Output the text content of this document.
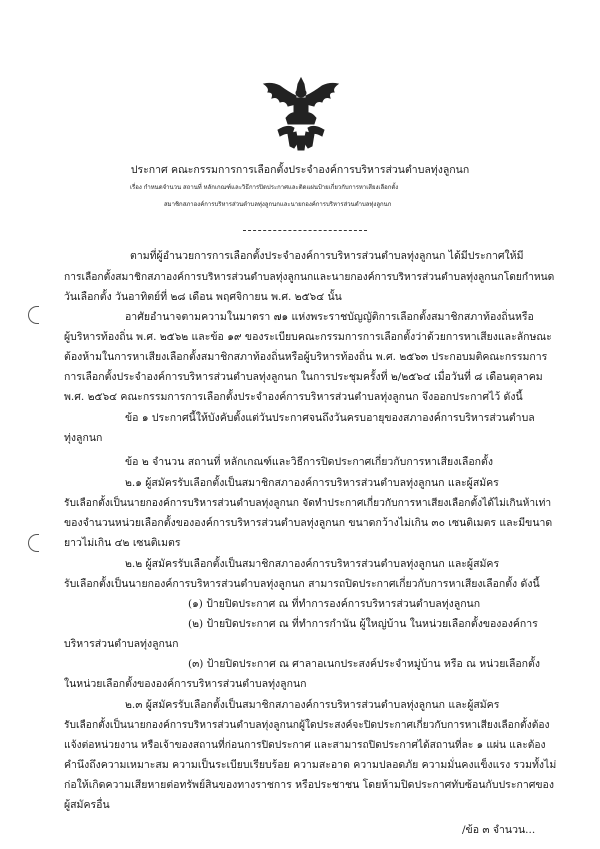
ประกาศ คณะกรรมการการเลือกตั้งประจำองค์การบริหารส่วนตำบลทุ่งลูกนก
เรื่อง กำหนดจำนวน สถานที่ หลักเกณฑ์และวิธีการปิดประกาศและติดแผ่นป้ายเกี่ยวกับการหาเสียงเลือกตั้ง
สมาชิกสภาองค์การบริหารส่วนตำบลทุ่งลูกนกและนายกองค์การบริหารส่วนตำบลทุ่งลูกนก
ตามที่ผู้อำนวยการการเลือกตั้งประจำองค์การบริหารส่วนตำบลทุ่งลูกนก ได้มีประกาศให้มี
การเลือกตั้งสมาชิกสภาองค์การบริหารส่วนตำบลทุ่งลูกนกและนายกองค์การบริหารส่วนตำบลทุ่งลูกนกโดยกำหนด
วันเลือกตั้ง วันอาทิตย์ที่ ๒๘ เดือน พฤศจิกายน พ.ศ. ๒๕๖๔ นั้น
อาศัยอำนาจตามความในมาตรา ๗๑ แห่งพระราชบัญญัติการเลือกตั้งสมาชิกสภาท้องถิ่นหรือ
ผู้บริหารท้องถิ่น พ.ศ. ๒๕๖๒ และข้อ ๑๙ ของระเบียบคณะกรรมการการเลือกตั้งว่าด้วยการหาเสียงและลักษณะ
ต้องห้ามในการหาเสียงเลือกตั้งสมาชิกสภาท้องถิ่นหรือผู้บริหารท้องถิ่น พ.ศ. ๒๕๖๓ ประกอบมติคณะกรรมการ
การเลือกตั้งประจำองค์การบริหารส่วนตำบลทุ่งลูกนก ในการประชุมครั้งที่ ๒/๒๕๖๔ เมื่อวันที่ ๘ เดือนตุลาคม
พ.ศ. ๒๕๖๔ คณะกรรมการการเลือกตั้งประจำองค์การบริหารส่วนตำบลทุ่งลูกนก จึงออกประกาศไว้ ดังนี้
ข้อ ๑ ประกาศนี้ให้บังคับตั้งแต่วันประกาศจนถึงวันครบอายุของสภาองค์การบริหารส่วนตำบล
ทุ่งลูกนก
ข้อ ๒ จำนวน สถานที่ หลักเกณฑ์และวิธีการปิดประกาศเกี่ยวกับการหาเสียงเลือกตั้ง
๒.๑ ผู้สมัครรับเลือกตั้งเป็นสมาชิกสภาองค์การบริหารส่วนตำบลทุ่งลูกนก และผู้สมัคร
รับเลือกตั้งเป็นนายกองค์การบริหารส่วนตำบลทุ่งลูกนก จัดทำประกาศเกี่ยวกับการหาเสียงเลือกตั้งได้ไม่เกินห้าเท่า
ของจำนวนหน่วยเลือกตั้งขององค์การบริหารส่วนตำบลทุ่งลูกนก ขนาดกว้างไม่เกิน ๓๐ เซนติเมตร และมีขนาด
ยาวไม่เกิน ๔๒ เซนติเมตร
๒.๒ ผู้สมัครรับเลือกตั้งเป็นสมาชิกสภาองค์การบริหารส่วนตำบลทุ่งลูกนก และผู้สมัคร
รับเลือกตั้งเป็นนายกองค์การบริหารส่วนตำบลทุ่งลูกนก สามารถปิดประกาศเกี่ยวกับการหาเสียงเลือกตั้ง ดังนี้
(๑) ป้ายปิดประกาศ ณ ที่ทำการองค์การบริหารส่วนตำบลทุ่งลูกนก
(๒) ป้ายปิดประกาศ ณ ที่ทำการกำนัน ผู้ใหญ่บ้าน ในหน่วยเลือกตั้งขององค์การ
บริหารส่วนตำบลทุ่งลูกนก
(๓) ป้ายปิดประกาศ ณ ศาลาอเนกประสงค์ประจำหมู่บ้าน หรือ ณ หน่วยเลือกตั้ง
ในหน่วยเลือกตั้งขององค์การบริหารส่วนตำบลทุ่งลูกนก
๒.๓ ผู้สมัครรับเลือกตั้งเป็นสมาชิกสภาองค์การบริหารส่วนตำบลทุ่งลูกนก และผู้สมัคร
รับเลือกตั้งเป็นนายกองค์การบริหารส่วนตำบลทุ่งลูกนกผู้ใดประสงค์จะปิดประกาศเกี่ยวกับการหาเสียงเลือกตั้งต้อง
แจ้งต่อหน่วยงาน หรือเจ้าของสถานที่ก่อนการปิดประกาศ และสามารถปิดประกาศได้สถานที่ละ ๑ แผ่น และต้อง
คำนึงถึงความเหมาะสม ความเป็นระเบียบเรียบร้อย ความสะอาด ความปลอดภัย ความมั่นคงแข็งแรง รวมทั้งไม่
ก่อให้เกิดความเสียหายต่อทรัพย์สินของทางราชการ หรือประชาชน โดยห้ามปิดประกาศทับซ้อนกับประกาศของ
ผู้สมัครอื่น
/ข้อ ๓ จำนวน...
